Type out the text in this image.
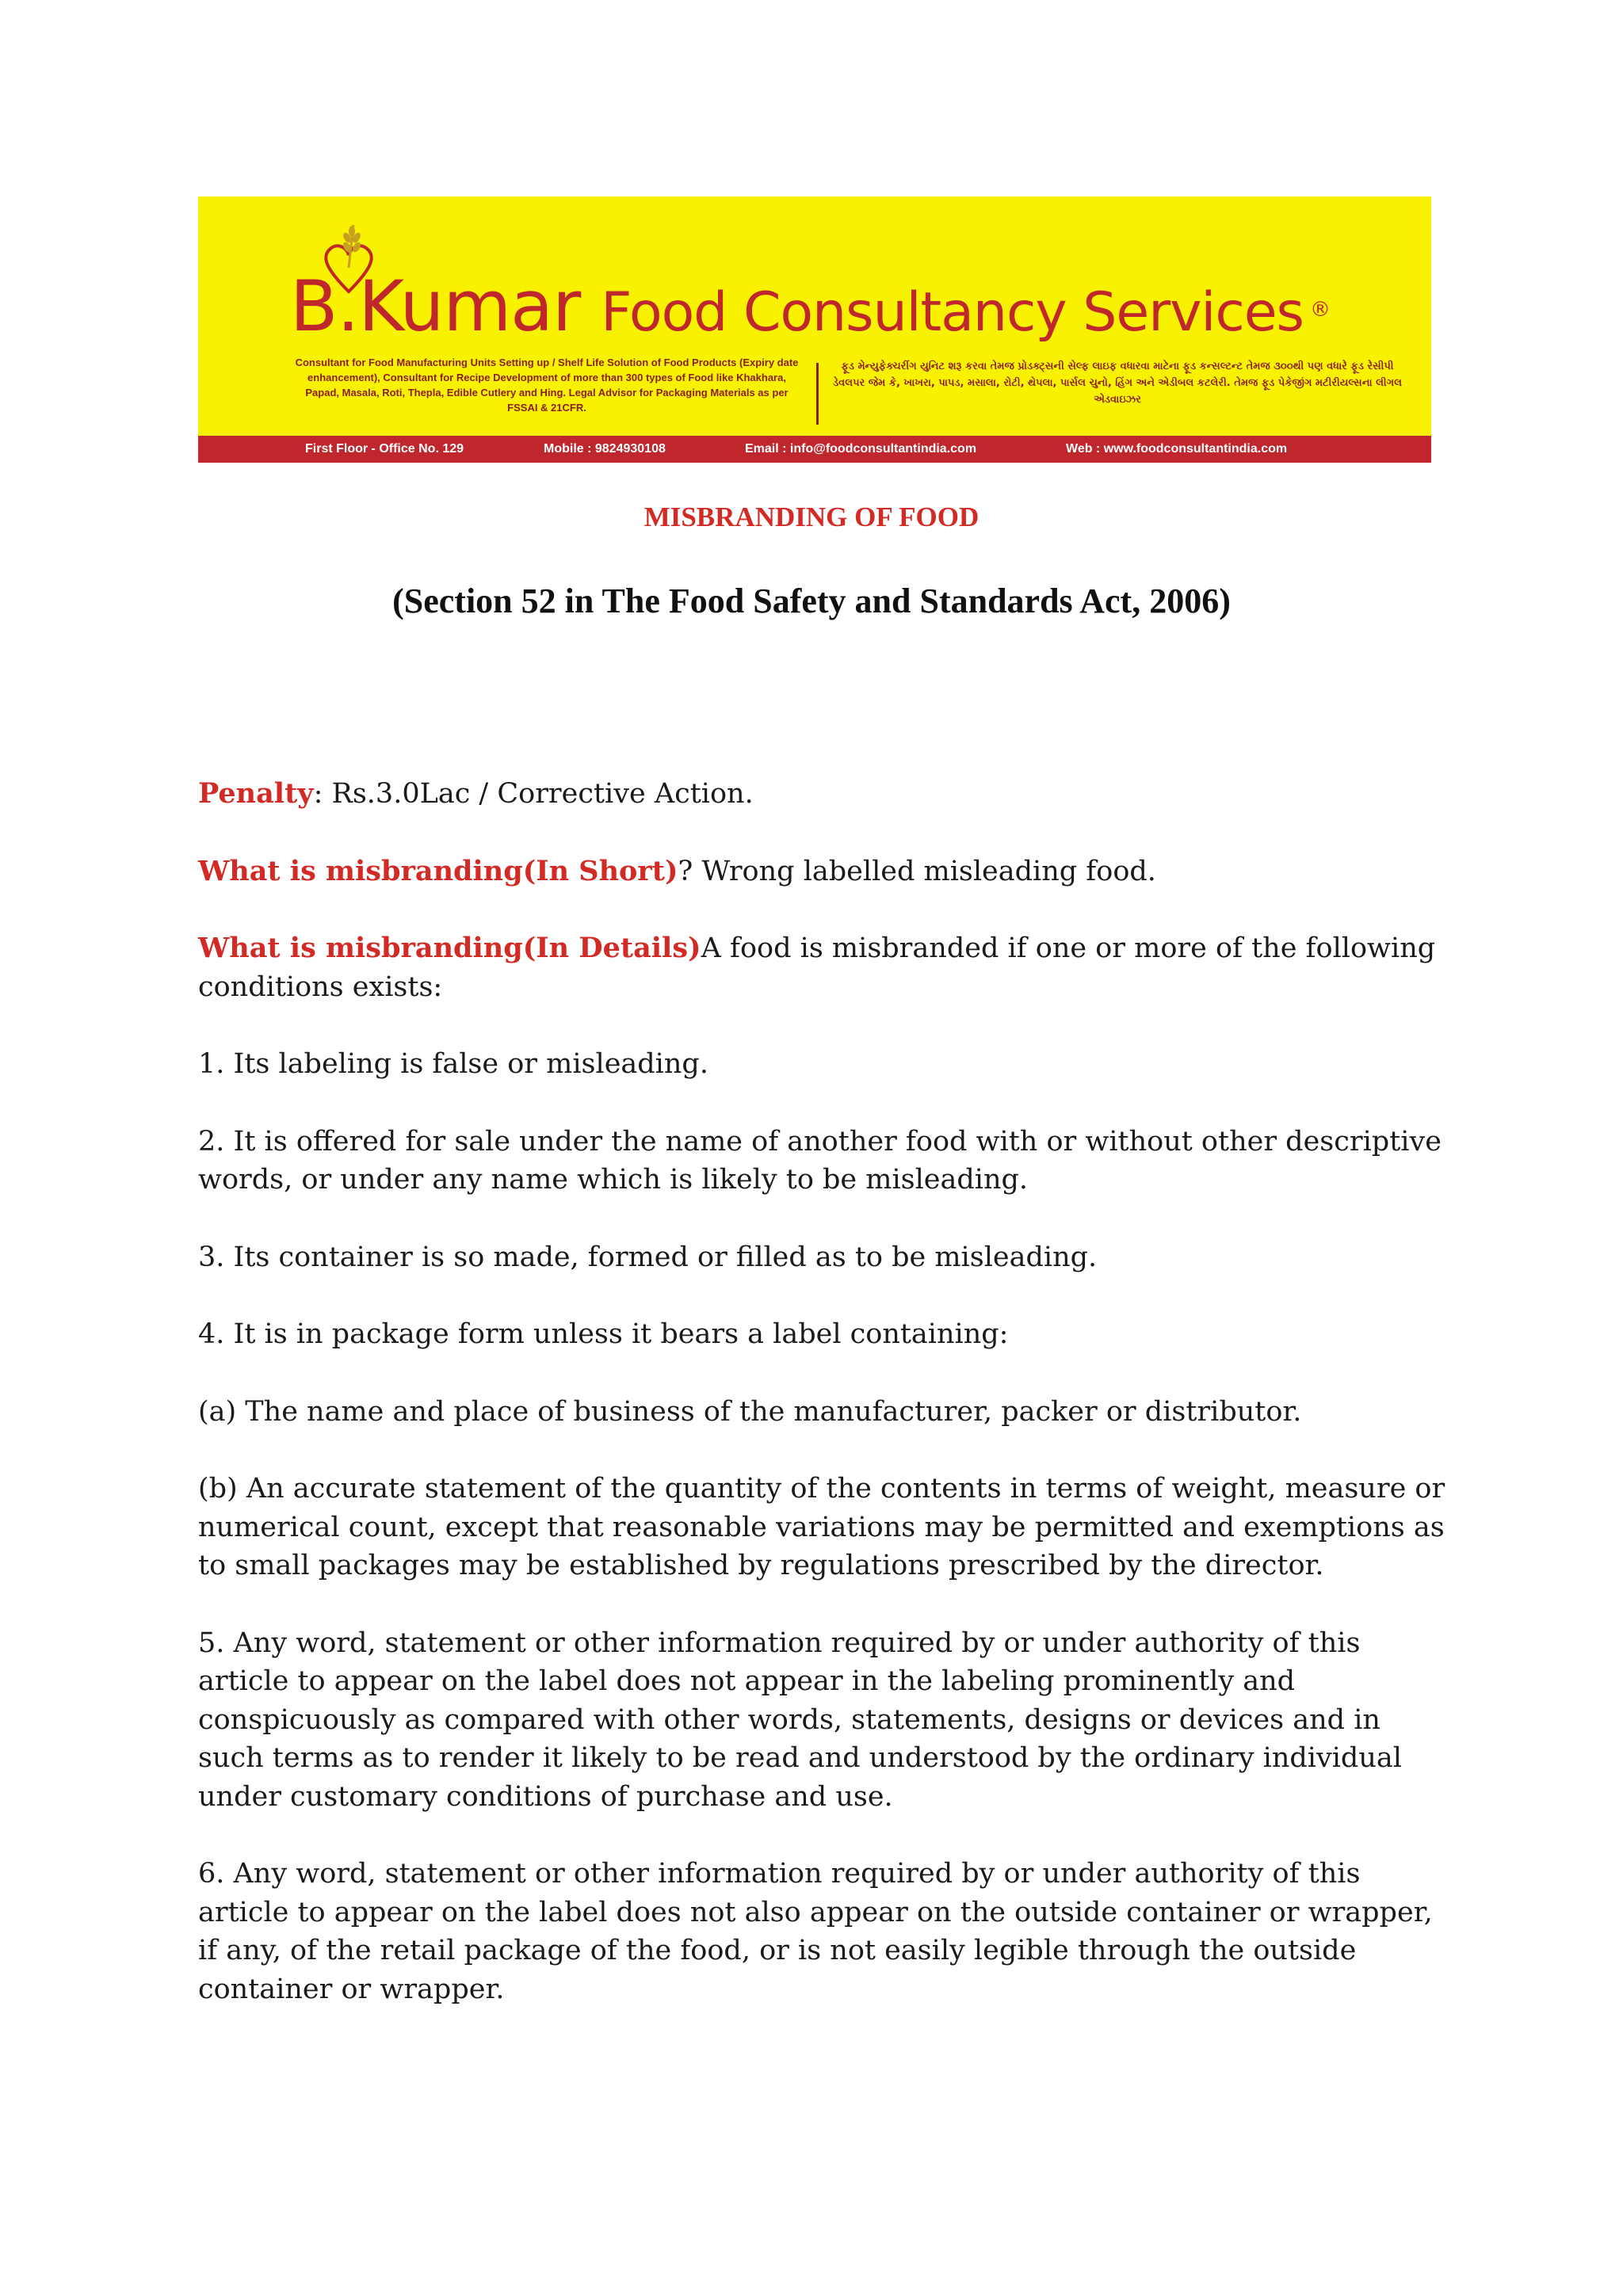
B.Kumar Food Consultancy Services ®
Consultant for Food Manufacturing Units Setting up / Shelf Life Solution of Food Products (Expiry date enhancement), Consultant for Recipe Development of more than 300 types of Food like Khakhara, Papad, Masala, Roti, Thepla, Edible Cutlery and Hing. Legal Advisor for Packaging Materials as per FSSAI & 21CFR.
ફૂડ મેન્યુફેક્ચરીંગ યુનિટ શરૂ કરવા તેમજ પ્રોડક્ટ્સની સેલ્ફ લાઇફ વધારવા માટેના ફૂડ કન્સલ્ટન્ટ તેમજ ૩૦૦થી પણ વધારે ફૂડ રેસીપી ડેવલપર જેમ કે, ખાખરા, પાપડ, મસાલા, રોટી, થેપલા, પાર્સલ ચુનો, હિંગ અને એડીબલ કટલેરી. તેમજ ફૂડ પેકેજીંગ મટીરીયલ્સના લીગલ એડવાઇઝર
First Floor - Office No. 129	Mobile : 9824930108	Email : info@foodconsultantindia.com	Web : www.foodconsultantindia.com
MISBRANDING OF FOOD
(Section 52 in The Food Safety and Standards Act, 2006)

Penalty: Rs.3.0Lac / Corrective Action.

What is misbranding(In Short)? Wrong labelled misleading food.

What is misbranding(In Details)A food is misbranded if one or more of the following conditions exists:

1. Its labeling is false or misleading.

2. It is offered for sale under the name of another food with or without other descriptive words, or under any name which is likely to be misleading.

3. Its container is so made, formed or filled as to be misleading.

4. It is in package form unless it bears a label containing:

(a) The name and place of business of the manufacturer, packer or distributor.

(b) An accurate statement of the quantity of the contents in terms of weight, measure or numerical count, except that reasonable variations may be permitted and exemptions as to small packages may be established by regulations prescribed by the director.

5. Any word, statement or other information required by or under authority of this article to appear on the label does not appear in the labeling prominently and conspicuously as compared with other words, statements, designs or devices and in such terms as to render it likely to be read and understood by the ordinary individual under customary conditions of purchase and use.

6. Any word, statement or other information required by or under authority of this article to appear on the label does not also appear on the outside container or wrapper, if any, of the retail package of the food, or is not easily legible through the outside container or wrapper.
